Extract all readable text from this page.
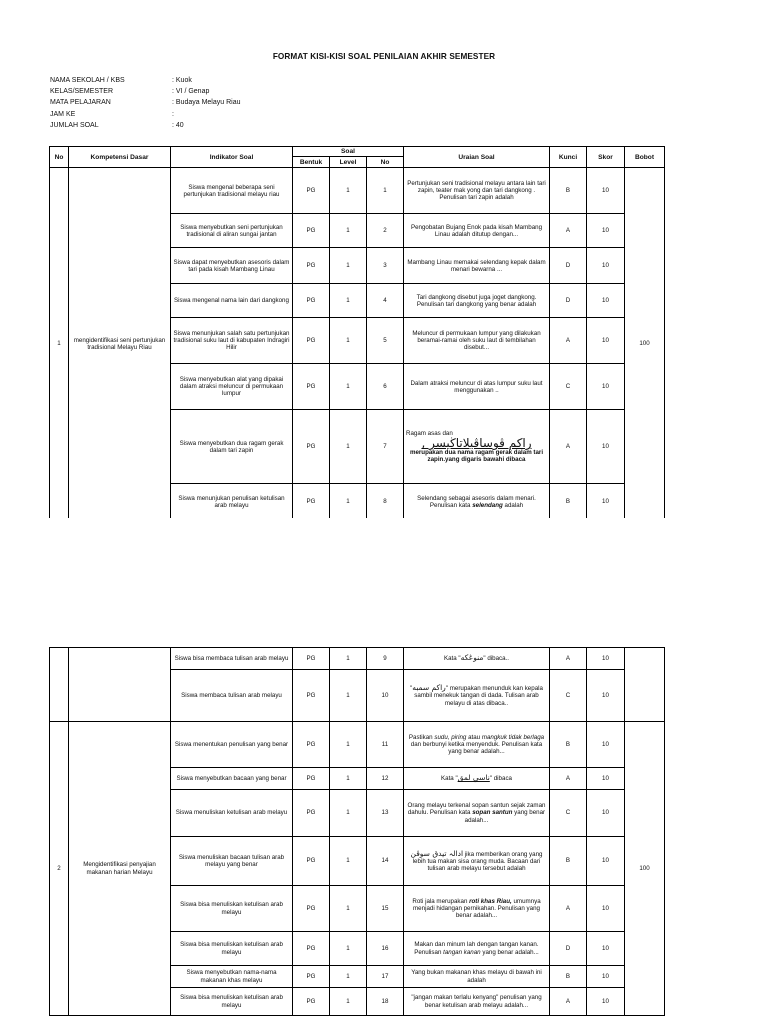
FORMAT KISI-KISI SOAL PENILAIAN AKHIR SEMESTER
NAMA SEKOLAH / KBS	: Kuok
KELAS/SEMESTER	: VI / Genap
MATA PELAJARAN	: Budaya Melayu Riau
JAM KE	:
JUMLAH SOAL	: 40
No	Kompetensi Dasar	Indikator Soal	Soal			Uraian Soal	Kunci	Skor	Bobot
			Bentuk	Level	No				
1	mengidentifikasi seni pertunjukan tradisional Melayu Riau	Siswa mengenal beberapa seni pertunjukan tradisional melayu riau	PG	1	1	Pertunjukan seni tradisional melayu antara lain tari zapin, teater mak yong dan tari dangkong . Penulisan tari zapin adalah	B	10	100
		Siswa menyebutkan seni pertunjukan tradisional di aliran sungai jantan	PG	1	2	Pengobatan Bujang Enok pada kisah Mambang Linau adalah ditutup dengan...	A	10	
		Siswa dapat menyebutkan asesoris dalam tari pada kisah Mambang Linau	PG	1	3	Mambang Linau memakai selendang kepak dalam menari bewarna ...	D	10	
		Siswa mengenal nama lain dari dangkong	PG	1	4	Tari dangkong disebut juga joget dangkong. Penulisan tari dangkong yang benar adalah	D	10	
		Siswa menunjukan salah satu pertunjukan tradisional suku laut di kabupaten Indragiri Hilir	PG	1	5	Meluncur di permukaan lumpur yang dilakukan beramai-ramai oleh suku laut di tembilahan disebut...	A	10	
		Siswa menyebutkan alat yang dipakai dalam atraksi meluncur di permukaan lumpur	PG	1	6	Dalam atraksi meluncur di atas lumpur suku laut menggunakan ..	C	10	
		Siswa menyebutkan dua ragam gerak dalam tari zapin	PG	1	7	Ragam asas dan
راكم ڤوساڤيلاتاڬيسر ,
merupakan dua nama ragam gerak dalam tari zapin.yang digaris bawahi dibaca	A	10	
		Siswa menunjukan penulisan ketulisan arab melayu	PG	1	8	Selendang sebagai asesoris dalam menari. Penulisan kata selendang adalah	B	10	
		Siswa bisa membaca tulisan arab melayu	PG	1	9	Kata "منوڠكه" dibaca..	A	10	
		Siswa membaca tulisan arab melayu	PG	1	10	"راكم سمبه" merupakan menunduk kan kepala sambil menekuk tangan di dada. Tulisan arab melayu di atas dibaca..	C	10	
2	Mengidentifikasi penyajian makanan harian Melayu	Siswa menentukan penulisan yang benar	PG	1	11	Pastikan sudu, piring atau mangkuk tidak berlaga dan berbunyi ketika menyenduk. Penulisan kata yang benar adalah...	B	10	100
		Siswa menyebutkan bacaan yang benar	PG	1	12	Kata "ناسي لمق" dibaca	A	10	
		Siswa menuliskan ketulisan arab melayu	PG	1	13	Orang melayu terkenal sopan santun sejak zaman dahulu. Penulisan kata sopan santun yang benar adalah...	C	10	
		Siswa menuliskan bacaan tulisan arab melayu yang benar	PG	1	14	ادالہ تيدق سوڤن jika memberikan orang yang lebih tua makan sisa orang muda. Bacaan dari tulisan arab melayu tersebut adalah	B	10	
		Siswa bisa menuliskan ketulisan arab melayu	PG	1	15	Roti jala merupakan roti khas Riau, umumnya menjadi hidangan pernikahan. Penulisan yang benar adalah...	A	10	
		Siswa bisa menuliskan ketulisan arab melayu	PG	1	16	Makan dan minum lah dengan tangan kanan. Penulisan tangan kanan yang benar adalah...	D	10	
		Siswa menyebutkan nama-nama makanan khas melayu	PG	1	17	Yang bukan makanan khas melayu di bawah ini adalah	B	10	
		Siswa bisa menuliskan ketulisan arab melayu	PG	1	18	"jangan makan terlalu kenyang" penulisan yang benar ketulisan arab melayu adalah...	A	10	
